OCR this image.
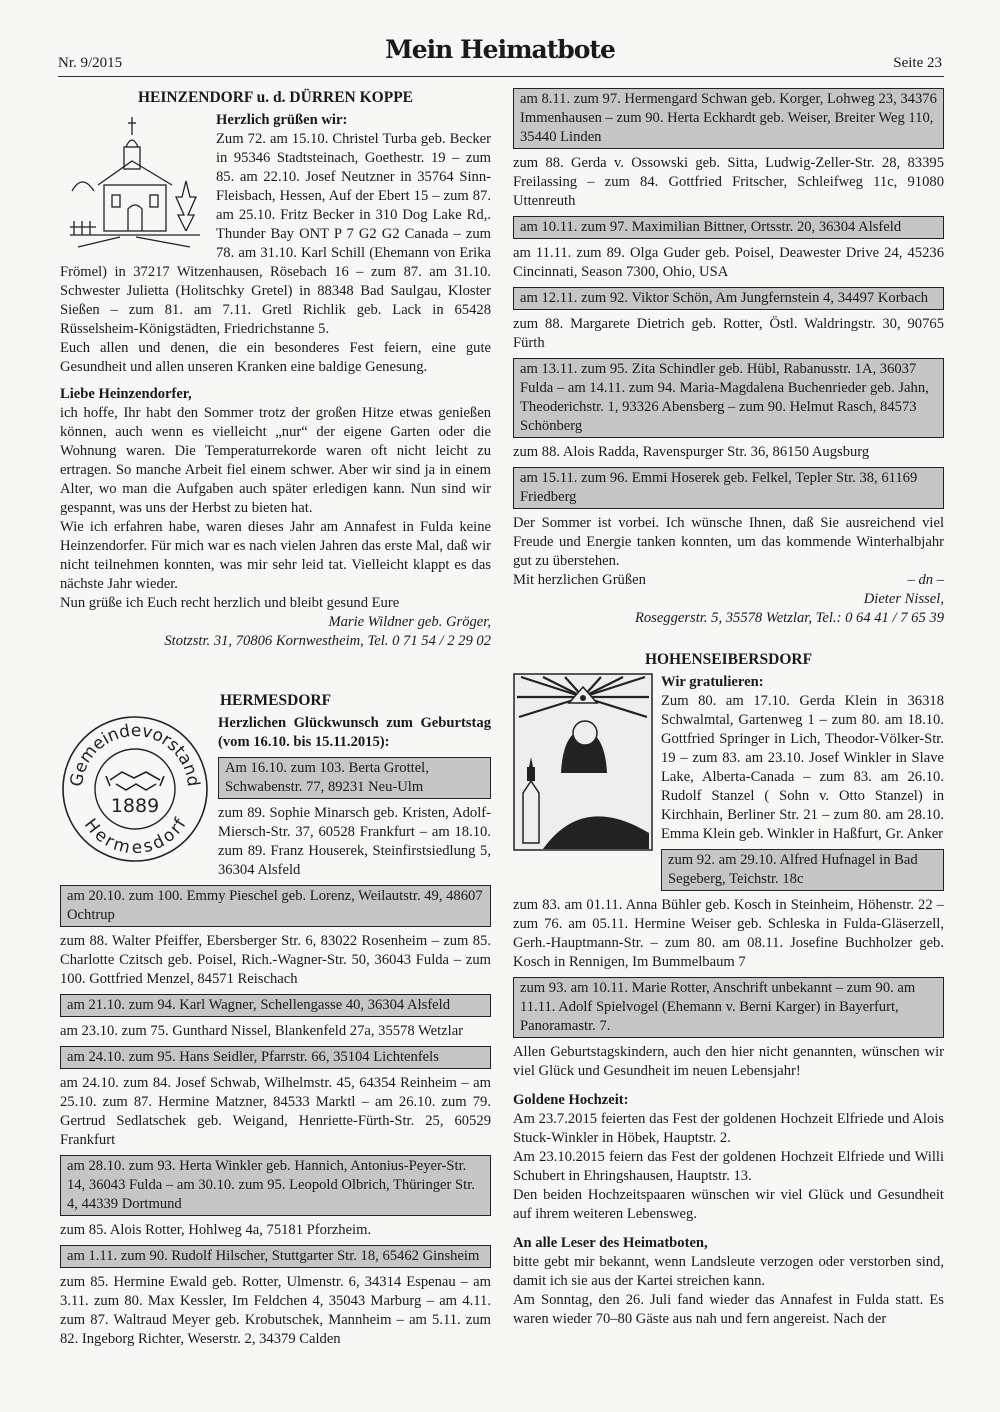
Nr. 9/2015	Mein Heimatbote	Seite 23
HEINZENDORF u. d. DÜRREN KOPPE

Herzlich grüßen wir:

Zum 72. am 15.10. Christel Turba geb. Becker in 95346 Stadtsteinach, Goethestr. 19 – zum 85. am 22.10. Josef Neutzner in 35764 Sinn-Fleisbach, Hessen, Auf der Ebert 15 – zum 87. am 25.10. Fritz Becker in 310 Dog Lake Rd,. Thunder Bay ONT P 7 G2 G2 Canada – zum 78. am 31.10. Karl Schill (Ehemann von Erika Frömel) in 37217 Witzenhausen, Rösebach 16 – zum 87. am 31.10. Schwester Julietta (Holitschky Gretel) in 88348 Bad Saulgau, Kloster Sießen – zum 81. am 7.11. Gretl Richlik geb. Lack in 65428 Rüsselsheim-Königstädten, Friedrichstanne 5.

Euch allen und denen, die ein besonderes Fest feiern, eine gute Gesundheit und allen unseren Kranken eine baldige Genesung.

Liebe Heinzendorfer,

ich hoffe, Ihr habt den Sommer trotz der großen Hitze etwas genießen können, auch wenn es vielleicht „nur“ der eigene Garten oder die Wohnung waren. Die Temperaturrekorde waren oft nicht leicht zu ertragen. So manche Arbeit fiel einem schwer. Aber wir sind ja in einem Alter, wo man die Aufgaben auch später erledigen kann. Nun sind wir gespannt, was uns der Herbst zu bieten hat.

Wie ich erfahren habe, waren dieses Jahr am Annafest in Fulda keine Heinzendorfer. Für mich war es nach vielen Jahren das erste Mal, daß wir nicht teilnehmen konnten, was mir sehr leid tat. Vielleicht klappt es das nächste Jahr wieder.

Nun grüße ich Euch recht herzlich und bleibt gesund Eure

Marie Wildner geb. Gröger,

Stotzstr. 31, 70806 Kornwestheim, Tel. 0 71 54 / 2 29 02

HERMESDORF
Gemeindevorstand
Hermesdorf
1889

Herzlichen Glückwunsch zum Geburtstag (vom 16.10. bis 15.11.2015):

Am 16.10. zum 103. Berta Grottel, Schwabenstr. 77, 89231 Neu-Ulm

zum 89. Sophie Minarsch geb. Kristen, Adolf-Miersch-Str. 37, 60528 Frankfurt – am 18.10. zum 89. Franz Houserek, Steinfirstsiedlung 5, 36304 Alsfeld

am 20.10. zum 100. Emmy Pieschel geb. Lorenz, Weilautstr. 49, 48607 Ochtrup

zum 88. Walter Pfeiffer, Ebersberger Str. 6, 83022 Rosenheim – zum 85. Charlotte Czitsch geb. Poisel, Rich.-Wagner-Str. 50, 36043 Fulda – zum 100. Gottfried Menzel, 84571 Reischach

am 21.10. zum 94. Karl Wagner, Schellengasse 40, 36304 Alsfeld

am 23.10. zum 75. Gunthard Nissel, Blankenfeld 27a, 35578 Wetzlar

am 24.10. zum 95. Hans Seidler, Pfarrstr. 66, 35104 Lichtenfels

am 24.10. zum 84. Josef Schwab, Wilhelmstr. 45, 64354 Reinheim – am 25.10. zum 87. Hermine Matzner, 84533 Marktl – am 26.10. zum 79. Gertrud Sedlatschek geb. Weigand, Henriette-Fürth-Str. 25, 60529 Frankfurt

am 28.10. zum 93. Herta Winkler geb. Hannich, Antonius-Peyer-Str. 14, 36043 Fulda – am 30.10. zum 95. Leopold Olbrich, Thüringer Str. 4, 44339 Dortmund

zum 85. Alois Rotter, Hohlweg 4a, 75181 Pforzheim.

am 1.11. zum 90. Rudolf Hilscher, Stuttgarter Str. 18, 65462 Ginsheim

zum 85. Hermine Ewald geb. Rotter, Ulmenstr. 6, 34314 Espenau – am 3.11. zum 80. Max Kessler, Im Feldchen 4, 35043 Marburg – am 4.11. zum 87. Waltraud Meyer geb. Krobutschek, Mannheim – am 5.11. zum 82. Ingeborg Richter, Weserstr. 2, 34379 Calden

am 8.11. zum 97. Hermengard Schwan geb. Korger, Lohweg 23, 34376 Immenhausen – zum 90. Herta Eckhardt geb. Weiser, Breiter Weg 110, 35440 Linden

zum 88. Gerda v. Ossowski geb. Sitta, Ludwig-Zeller-Str. 28, 83395 Freilassing – zum 84. Gottfried Fritscher, Schleifweg 11c, 91080 Uttenreuth

am 10.11. zum 97. Maximilian Bittner, Ortsstr. 20, 36304 Alsfeld

am 11.11. zum 89. Olga Guder geb. Poisel, Deawester Drive 24, 45236 Cincinnati, Season 7300, Ohio, USA

am 12.11. zum 92. Viktor Schön, Am Jungfernstein 4, 34497 Korbach

zum 88. Margarete Dietrich geb. Rotter, Östl. Waldringstr. 30, 90765 Fürth

am 13.11. zum 95. Zita Schindler geb. Hübl, Rabanusstr. 1A, 36037 Fulda – am 14.11. zum 94. Maria-Magdalena Buchenrieder geb. Jahn, Theoderichstr. 1, 93326 Abensberg – zum 90. Helmut Rasch, 84573 Schönberg

zum 88. Alois Radda, Ravenspurger Str. 36, 86150 Augsburg

am 15.11. zum 96. Emmi Hoserek geb. Felkel, Tepler Str. 38, 61169 Friedberg

Der Sommer ist vorbei. Ich wünsche Ihnen, daß Sie ausreichend viel Freude und Energie tanken konnten, um das kommende Winterhalbjahr gut zu überstehen.

Mit herzlichen Grüßen	– dn –

Dieter Nissel,

Roseggerstr. 5, 35578 Wetzlar, Tel.: 0 64 41 / 7 65 39

HOHENSEIBERSDORF

Wir gratulieren:

Zum 80. am 17.10. Gerda Klein in 36318 Schwalmtal, Gartenweg 1 – zum 80. am 18.10. Gottfried Springer in Lich, Theodor-Völker-Str. 19 – zum 83. am 23.10. Josef Winkler in Slave Lake, Alberta-Canada – zum 83. am 26.10. Rudolf Stanzel ( Sohn v. Otto Stanzel) in Kirchhain, Berliner Str. 21 – zum 80. am 28.10. Emma Klein geb. Winkler in Haßfurt, Gr. Anker

zum 92. am 29.10. Alfred Hufnagel in Bad Segeberg, Teichstr. 18c

zum 83. am 01.11. Anna Bühler geb. Kosch in Steinheim, Höhenstr. 22 – zum 76. am 05.11. Hermine Weiser geb. Schleska in Fulda-Gläserzell, Gerh.-Hauptmann-Str. – zum 80. am 08.11. Josefine Buchholzer geb. Kosch in Rennigen, Im Bummelbaum 7

zum 93. am 10.11. Marie Rotter, Anschrift unbekannt – zum 90. am 11.11. Adolf Spielvogel (Ehemann v. Berni Karger) in Bayerfurt, Panoramastr. 7.

Allen Geburtstagskindern, auch den hier nicht genannten, wünschen wir viel Glück und Gesundheit im neuen Lebensjahr!

Goldene Hochzeit:

Am 23.7.2015 feierten das Fest der goldenen Hochzeit Elfriede und Alois Stuck-Winkler in Höbek, Hauptstr. 2.

Am 23.10.2015 feiern das Fest der goldenen Hochzeit Elfriede und Willi Schubert in Ehringshausen, Hauptstr. 13.

Den beiden Hochzeitspaaren wünschen wir viel Glück und Gesundheit auf ihrem weiteren Lebensweg.

An alle Leser des Heimatboten,

bitte gebt mir bekannt, wenn Landsleute verzogen oder verstorben sind, damit ich sie aus der Kartei streichen kann.

Am Sonntag, den 26. Juli fand wieder das Annafest in Fulda statt. Es waren wieder 70–80 Gäste aus nah und fern angereist. Nach der
